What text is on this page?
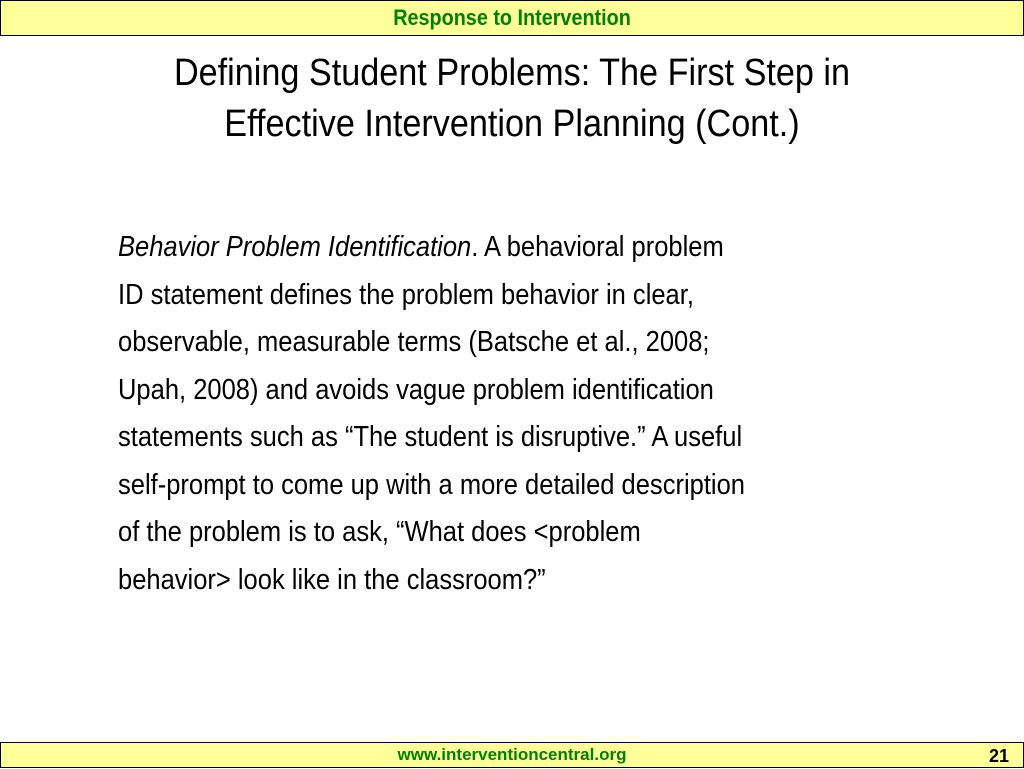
Response to Intervention
Defining Student Problems: The First Step in
Effective Intervention Planning (Cont.)
Behavior Problem Identification. A behavioral problem
ID statement defines the problem behavior in clear,
observable, measurable terms (Batsche et al., 2008;
Upah, 2008) and avoids vague problem identification
statements such as “The student is disruptive.” A useful
self-prompt to come up with a more detailed description
of the problem is to ask, “What does <problem
behavior> look like in the classroom?”
www.interventioncentral.org	21
